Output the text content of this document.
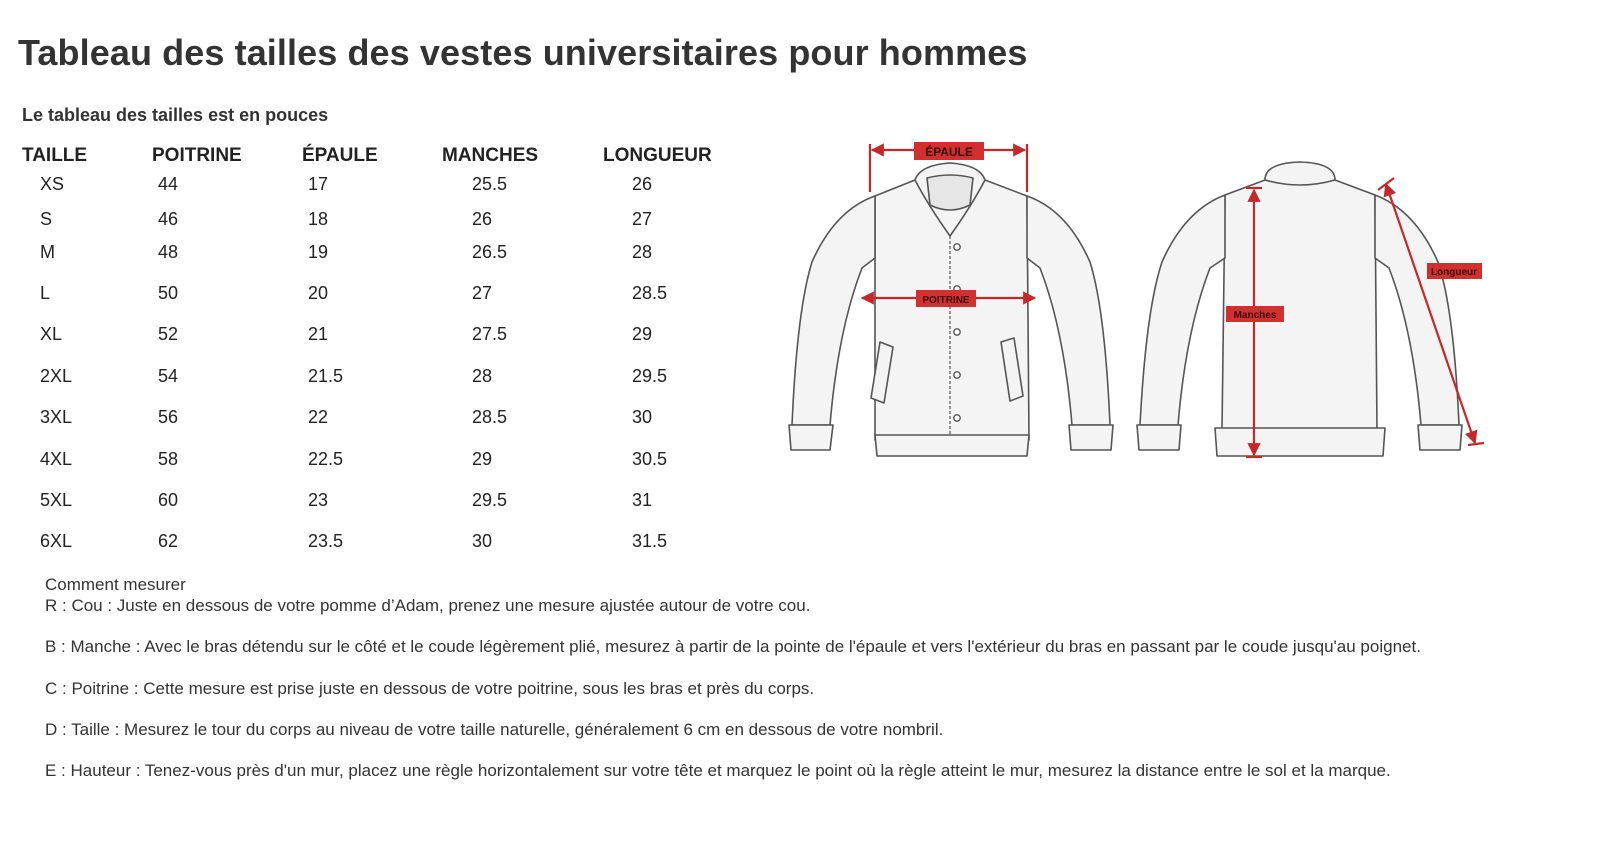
Tableau des tailles des vestes universitaires pour hommes
Le tableau des tailles est en pouces
TAILLE	POITRINE	ÉPAULE	MANCHES	LONGUEUR
XS	44	17	25.5	26
S	46	18	26	27
M	48	19	26.5	28
L	50	20	27	28.5
XL	52	21	27.5	29
2XL	54	21.5	28	29.5
3XL	56	22	28.5	30
4XL	58	22.5	29	30.5
5XL	60	23	29.5	31
6XL	62	23.5	30	31.5
ÉPAULE
POITRINE
Manches
Longueur
Comment mesurer
R : Cou : Juste en dessous de votre pomme d’Adam, prenez une mesure ajustée autour de votre cou.
B : Manche : Avec le bras détendu sur le côté et le coude légèrement plié, mesurez à partir de la pointe de l'épaule et vers l'extérieur du bras en passant par le coude jusqu'au poignet.
C : Poitrine : Cette mesure est prise juste en dessous de votre poitrine, sous les bras et près du corps.
D : Taille : Mesurez le tour du corps au niveau de votre taille naturelle, généralement 6 cm en dessous de votre nombril.
E : Hauteur : Tenez-vous près d'un mur, placez une règle horizontalement sur votre tête et marquez le point où la règle atteint le mur, mesurez la distance entre le sol et la marque.
